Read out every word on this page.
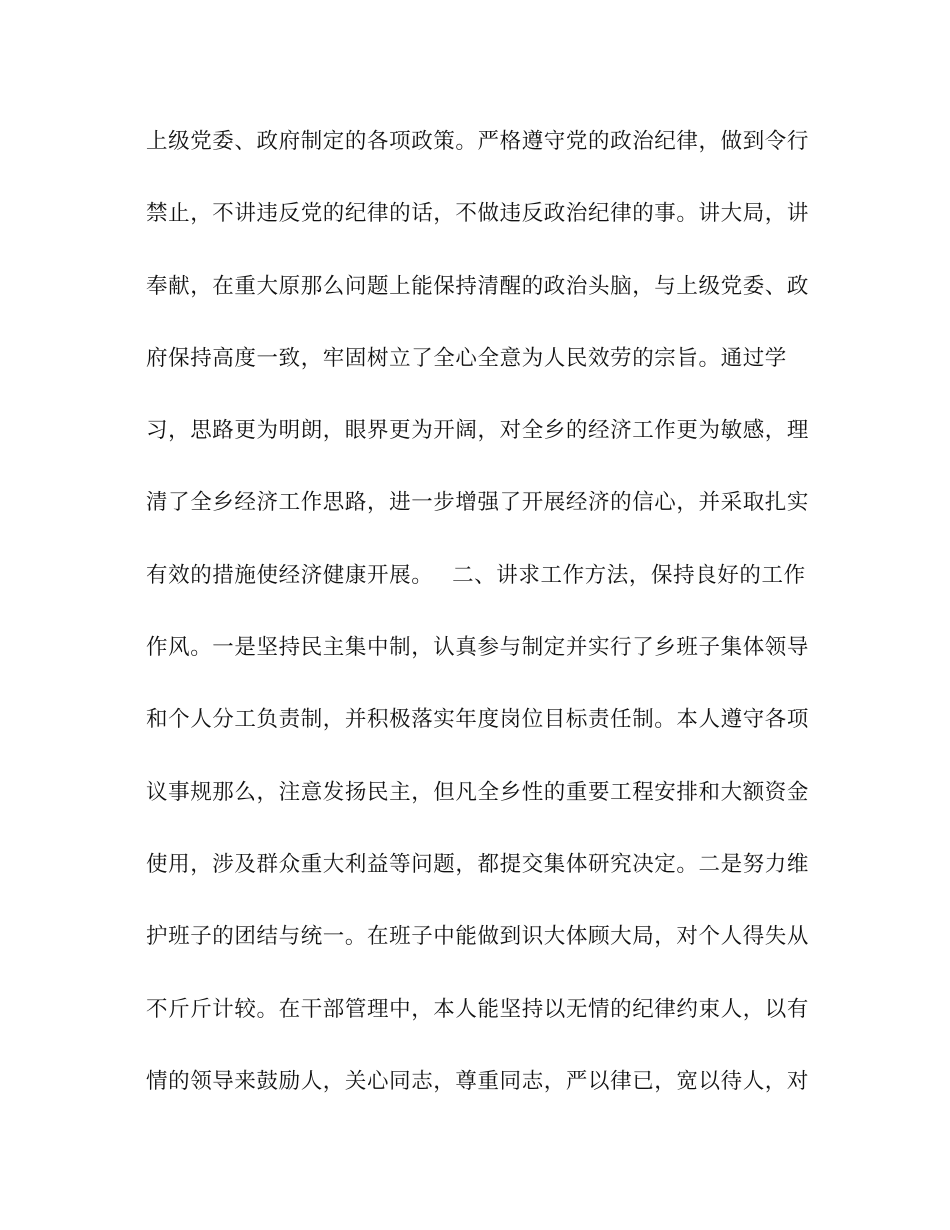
上级党委、政府制定的各项政策。严格遵守党的政治纪律，做到令行
禁止，不讲违反党的纪律的话，不做违反政治纪律的事。讲大局，讲
奉献，在重大原那么问题上能保持清醒的政治头脑，与上级党委、政
府保持高度一致，牢固树立了全心全意为人民效劳的宗旨。通过学
习，思路更为明朗，眼界更为开阔，对全乡的经济工作更为敏感，理
清了全乡经济工作思路，进一步增强了开展经济的信心，并采取扎实
有效的措施使经济健康开展。　 二、讲求工作方法，保持良好的工作
作风。一是坚持民主集中制，认真参与制定并实行了乡班子集体领导
和个人分工负责制，并积极落实年度岗位目标责任制。本人遵守各项
议事规那么，注意发扬民主，但凡全乡性的重要工程安排和大额资金
使用，涉及群众重大利益等问题，都提交集体研究决定。二是努力维
护班子的团结与统一。在班子中能做到识大体顾大局，对个人得失从
不斤斤计较。在干部管理中，本人能坚持以无情的纪律约束人，以有
情的领导来鼓励人，关心同志，尊重同志，严以律已，宽以待人，对
